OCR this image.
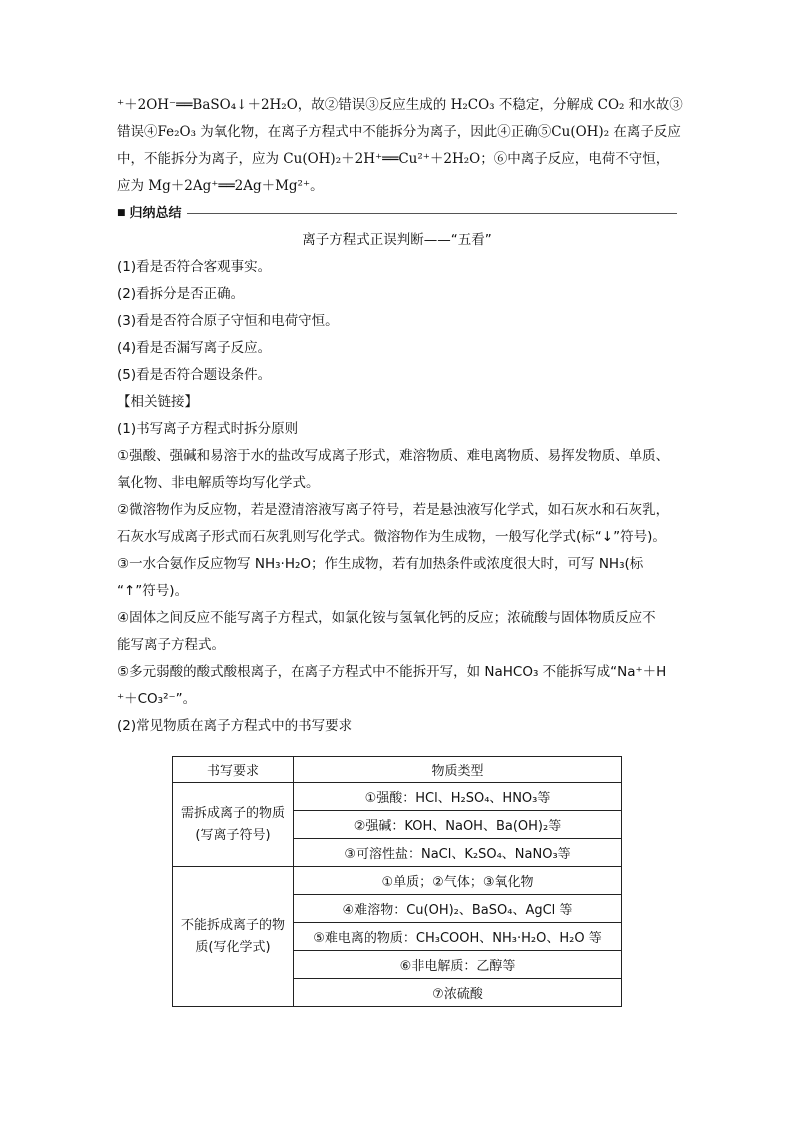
⁺＋2OH⁻══BaSO₄↓＋2H₂O，故②错误③反应生成的 H₂CO₃ 不稳定，分解成 CO₂ 和水故③
错误④Fe₂O₃ 为氧化物，在离子方程式中不能拆分为离子，因此④正确⑤Cu(OH)₂ 在离子反应
中，不能拆分为离子，应为 Cu(OH)₂＋2H⁺══Cu²⁺＋2H₂O；⑥中离子反应，电荷不守恒，
应为 Mg＋2Ag⁺══2Ag＋Mg²⁺。
■ 归纳总结
离子方程式正误判断——“五看”
(1)看是否符合客观事实。
(2)看拆分是否正确。
(3)看是否符合原子守恒和电荷守恒。
(4)看是否漏写离子反应。
(5)看是否符合题设条件。
【相关链接】
(1)书写离子方程式时拆分原则
①强酸、强碱和易溶于水的盐改写成离子形式，难溶物质、难电离物质、易挥发物质、单质、
氧化物、非电解质等均写化学式。
②微溶物作为反应物，若是澄清溶液写离子符号，若是悬浊液写化学式，如石灰水和石灰乳，
石灰水写成离子形式而石灰乳则写化学式。微溶物作为生成物，一般写化学式(标“↓”符号)。
③一水合氨作反应物写 NH₃·H₂O；作生成物，若有加热条件或浓度很大时，可写 NH₃(标
“↑”符号)。
④固体之间反应不能写离子方程式，如氯化铵与氢氧化钙的反应；浓硫酸与固体物质反应不
能写离子方程式。
⑤多元弱酸的酸式酸根离子，在离子方程式中不能拆开写，如 NaHCO₃ 不能拆写成“Na⁺＋H
⁺＋CO₃²⁻”。
(2)常见物质在离子方程式中的书写要求
书写要求	物质类型
需拆成离子的物质(写离子符号)	①强酸：HCl、H₂SO₄、HNO₃等
	②强碱：KOH、NaOH、Ba(OH)₂等
	③可溶性盐：NaCl、K₂SO₄、NaNO₃等
不能拆成离子的物质(写化学式)	①单质；②气体；③氧化物
	④难溶物：Cu(OH)₂、BaSO₄、AgCl 等
	⑤难电离的物质：CH₃COOH、NH₃·H₂O、H₂O 等
	⑥非电解质：乙醇等
	⑦浓硫酸
